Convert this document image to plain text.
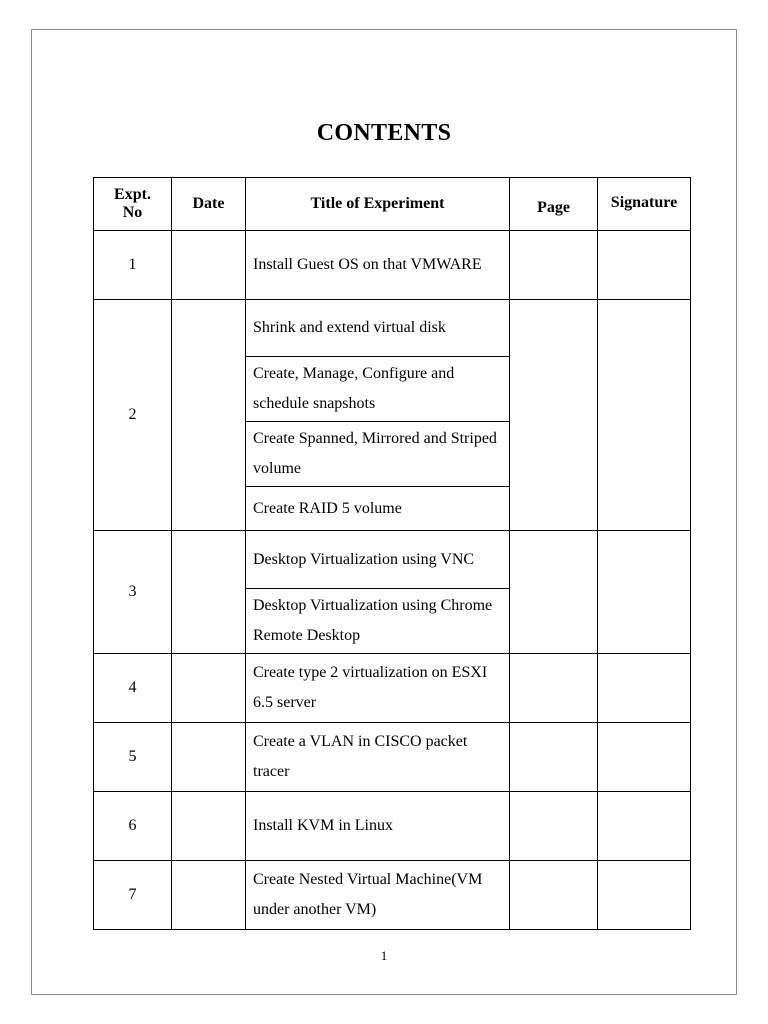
CONTENTS
Expt.
No	Date	Title of Experiment	Page	Signature
1		Install Guest OS on that VMWARE		
2		Shrink and extend virtual disk		
		Create, Manage, Configure and schedule snapshots		
		Create Spanned, Mirrored and Striped volume		
		Create RAID 5 volume		
3		Desktop Virtualization using VNC		
		Desktop Virtualization using Chrome Remote Desktop		
4		Create type 2 virtualization on ESXI 6.5 server		
5		Create a VLAN in CISCO packet tracer		
6		Install KVM in Linux		
7		Create Nested Virtual Machine(VM under another VM)		
1
